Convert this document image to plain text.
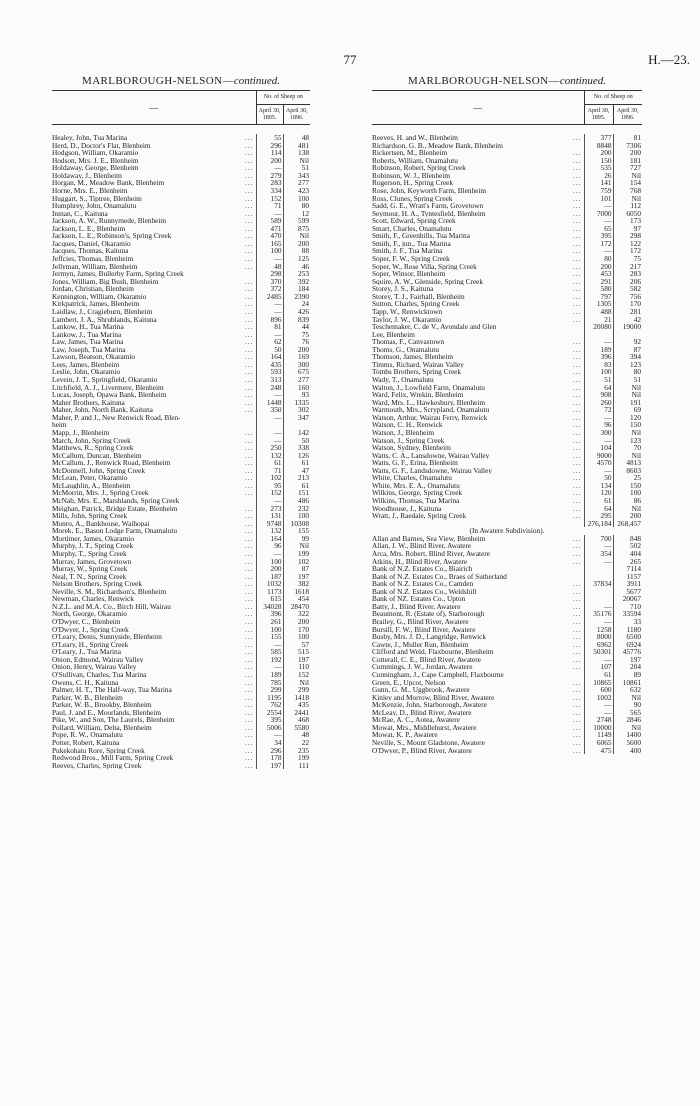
77	H.—23.
MARLBOROUGH-NELSON—continued.
—	No. of Sheep on	
	April 30, 1895.	April 30, 1896.
Healey, John, Tua Marina	...	55	48
Herd, D., Doctor's Flat, Blenheim	...	296	481
Hodgson, William, Okaramio	...	114	138
Hodson, Mrs. J. E., Blenheim	...	200	Nil
Holdaway, George, Blenheim	...	—	51
Holdaway, J., Blenheim	...	279	343
Horgan, M., Meadow Bank, Blenheim	...	283	277
Horne, Mrs. E., Blenheim	...	334	423
Huggart, S., Tiptree, Blenheim	...	152	100
Humphrey, John, Onamalutu	...	71	80
Inman, C., Kaituna	...	—	12
Jackson, A. W., Runnymede, Blenheim	...	589	599
Jackson, L. E., Blenheim	...	471	875
Jackson, L. E., Robinson's, Spring Creek	...	470	Nil
Jacques, Daniel, Okaramio	...	165	200
Jacques, Thomas, Kaituna	...	100	88
Jeffcies, Thomas, Blenheim	...	—	125
Jellyman, William, Blenheim	...	48	46
Jermyn, James, Bullerby Farm, Spring Creek		298	253
Jones, William, Big Bush, Blenheim	...	370	392
Jordan, Christian, Blenheim	...	372	184
Kennington, William, Okaramio	...	2485	2390
Kirkpatrick, James, Blenheim	...	—	24
Laidlaw, J., Cragieburn, Blenheim	...	—	426
Lambert, J. A., Shrublands, Kaituna	...	896	839
Lankow, H., Tua Marina	...	81	44
Lankow, J., Tua Marina	...	—	75
Law, James, Tua Marina	...	62	76
Law, Joseph, Tua Marina	...	50	200
Lawson, Beatson, Okaramio	...	164	169
Lees, James, Blenheim	...	435	300
Leslie, John, Okaramio	...	593	675
Levein, J. T., Springfield, Okaramio	...	313	277
Litchfield, A. J., Livermere, Blenheim	...	248	160
Lucas, Joseph, Opawa Bank, Blenheim	...	—	93
Maher Brothers, Kaituna	...	1448	1335
Maher, John, North Bank, Kaituna	...	350	302
Maher, P. and J., New Renwick Road, Blen-		—	347
heim			
Mapp, J., Blenheim	...	—	142
March, John, Spring Creek	...	—	50
Matthews, R., Spring Creek	...	250	338
McCallum, Duncan, Blenheim	...	132	126
McCallum, J., Renwick Road, Blenheim	...	61	61
McDonnell, John, Spring Creek	...	71	47
McLean, Peter, Okaramio	...	102	213
McLaughlin, A., Blenheim	...	95	61
McMorrin, Mrs. J., Spring Creek	...	152	151
McNab, Mrs. E., Marshlands, Spring Creek		—	486
Meighan, Patrick, Bridge Estate, Blenheim	...	273	232
Mills, John, Spring Creek	...	131	100
Monro, A., Bankhouse, Waihopai	...	9748	10308
Morek, E., Bason Lodge Farm, Onamalutu	...	132	155
Mortimer, James, Okaramio	...	164	99
Murphy, J. T., Spring Creek	...	96	Nil
Murphy, T., Spring Creek	...	—	199
Murray, James, Grovetown	...	100	102
Murray, W., Spring Creek	...	200	87
Neal, T. N., Spring Creek	...	187	197
Nelson Brothers, Spring Creek	...	1032	382
Neville, S. M., Richardson's, Blenheim	...	1173	1618
Newman, Charles, Renwick	...	615	454
N.Z.L. and M.A. Co., Birch Hill, Wairau	...	34028	28470
North, George, Okaramio	...	396	322
O'Dwyer, C., Blenheim	...	261	200
O'Dwyer, J., Spring Creek	...	100	170
O'Leary, Denis, Sunnyside, Blenheim	...	155	100
O'Leary, H., Spring Creek	...	—	57
O'Leary, J., Tua Marina	...	585	515
Onion, Edmond, Wairau Valley	...	192	197
Onion, Henry, Wairau Valley	...	—	110
O'Sullivan, Charles, Tua Marina	...	189	152
Owens, C. H., Kaituna	...	785	Nil
Palmer, H. T., The Half-way, Tua Marina	...	299	299
Parker, W. B., Blenheim	...	1195	1418
Parker, W. B., Brookby, Blenheim	...	762	435
Paul, J. and E., Moorlands, Blenheim	...	2554	2441
Pike, W., and Son, The Laurels, Blenheim	...	395	468
Pollard, William, Delta, Blenheim	...	5006	5580
Pope, R. W., Onamalutu	...	—	48
Potter, Robert, Kaituna	...	34	22
Pukekohatu Rore, Spring Creek	...	296	235
Redwood Bros., Mill Farm, Spring Creek	...	178	199
Reeves, Charles, Spring Creek	...	197	111
MARLBOROUGH-NELSON—continued.
—	No. of Sheep on	
	April 30, 1895.	April 30, 1896.
Reeves, H. and W., Blenheim	...	377	81
Richardson, G. B., Meadow Bank, Blenheim		8848	7306
Rickertsen, M., Blenheim	...	200	200
Roberts, William, Onamalutu	...	150	181
Robinson, Robert, Spring Creek	...	535	727
Robinson, W. J., Blenheim	...	26	Nil
Rogerson, H., Spring Creek	...	141	154
Rose, John, Keyworth Farm, Blenheim	...	759	768
Ross, Clunes, Spring Creek	...	101	Nil
Sadd, G. E., Wratt's Farm, Grovetown	...	—	112
Seymour, H. A., Tyntesfield, Blenheim	...	7000	6050
Scott, Edward, Spring Creek	...	—	173
Smart, Charles, Onamalutu	...	65	97
Smith, F., Greenhills, Tua Marina	...	395	298
Smith, F., jun., Tua Marina	...	172	122
Smith, J. F., Tua Marina	...	—	172
Soper, F. W., Spring Creek	...	80	75
Soper, W., Rose Villa, Spring Creek	...	200	217
Soper, Winsor, Blenheim	...	453	283
Squire, A. W., Glenside, Spring Creek	...	291	206
Storey, J. S., Kaituna	...	580	582
Storey, T. J., Fairhall, Blenheim	...	797	756
Sutton, Charles, Spring Creek	...	1305	170
Tapp, W., Renwicktown	...	488	281
Taylor, J. W., Okaramio	...	21	42
Teschemaker, C. de V., Avondale and Glen		20080	19000
Lee, Blenheim			
Thomas, F., Canvastown	...	—	92
Thoms, G., Onamalutu	...	189	87
Thomson, James, Blenheim	...	396	394
Timms, Richard, Wairau Valley	...	83	123
Tombs Brothers, Spring Creek	...	100	80
Wady, T., Onamalutu	...	51	51
Walton, J., Lowfield Farm, Onamalutu	...	64	Nil
Ward, Felix, Wrekin, Blenheim	...	908	Nil
Ward, Mrs. L., Hawkesbury, Blenheim	...	260	191
Warmouth, Mrs., Scrypland, Onamalutu	...	72	69
Watson, Arthur, Wairau Ferry, Renwick	...	—	120
Watson, C. H., Renwick	...	96	150
Watson, J., Blenheim	...	300	Nil
Watson, J., Spring Creek	...	—	123
Watson, Sydney, Blenheim	...	104	70
Watts, C. A., Lansdowne, Wairau Valley	...	9000	Nil
Watts, G. F., Erina, Blenheim	...	4570	4813
Watts, G. F., Landsdowne, Wairau Valley	...	—	8603
White, Charles, Onamalutu	...	50	25
White, Mrs. E. A., Onamalutu	...	134	150
Wilkins, George, Spring Creek	...	120	100
Wilkins, Thomas, Tua Marina	...	61	86
Woodhouse, J., Kaituna	...	64	Nil
Wratt, J., Raedale, Spring Creek	...	295	200
		276,184	268,457
(In Awatere Subdivision).			
Allan and Barnes, Sea View, Blenheim	...	700	848
Allan, J. W., Blind River, Awatere	...	—	502
Arca, Mrs. Robert, Blind River, Awatere	...	354	404
Atkins, H., Blind River, Awatere	...	—	265
Bank of N.Z. Estates Co., Biairich			7114
Bank of N.Z. Estates Co., Braes of Sutherland			1157
Bank of N.Z. Estates Co., Camden	...	37834	3911
Bank of N.Z. Estates Co., Weldshill	...		5677
Bank of NZ. Estates Co., Upton	...		20067
Batty, J., Blind River, Awatere	...	—	710
Beaumont, R. (Estate of), Starborough	...	35176	33594
Brailey, G., Blind River, Awatere	...	—	33
Bursill, F. W., Blind River, Awatere	...	1258	1180
Busby, Mrs. J. D., Langridge, Renwick	...	8000	6500
Cawte, J., Muller Run, Blenheim	...	6962	6924
Clifford and Weld, Flaxbourne, Blenheim	...	50301	45776
Cotterall, C. E., Blind River, Awatere	...	—	197
Cummings, J. W., Jordan, Awatere	...	107	204
Cunningham, J., Cape Campbell, Flaxbourne		61	89
Green, E., Upcot, Nelson	...	10865	10861
Gunn, G. M., Uggbrook, Awatere	...	600	632
Kinley and Morrow, Blind River, Awatere	...	1002	Nil
McKenzie, John, Starborough, Awatere	...	—	90
McLeay, D., Blind River, Awatere	...	—	565
McRae, A. C., Aotea, Awatere	...	2748	2846
Mowat, Mrs., Middlehurst, Awatere	...	10000	Nil
Mowat, K. P., Awatere	...	1149	1400
Neville, S., Mount Gladstone, Awatere	...	6065	5600
O'Dwyer, P., Blind River, Awatere	...	475	400
